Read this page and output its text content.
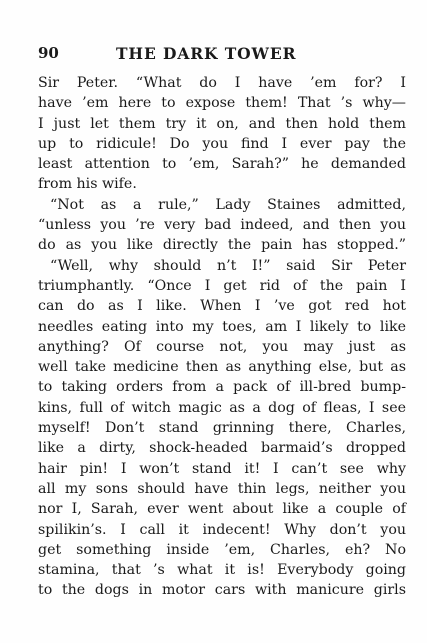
90	THE DARK TOWER
Sir Peter. “What do I have ’em for? I
have ’em here to expose them! That ’s why—
I just let them try it on, and then hold them
up to ridicule! Do you find I ever pay the
least attention to ’em, Sarah?” he demanded
from his wife.
“Not as a rule,” Lady Staines admitted,
“unless you ’re very bad indeed, and then you
do as you like directly the pain has stopped.”
“Well, why should n’t I!” said Sir Peter
triumphantly. “Once I get rid of the pain I
can do as I like. When I ’ve got red hot
needles eating into my toes, am I likely to like
anything? Of course not, you may just as
well take medicine then as anything else, but as
to taking orders from a pack of ill-bred bump-
kins, full of witch magic as a dog of fleas, I see
myself! Don’t stand grinning there, Charles,
like a dirty, shock-headed barmaid’s dropped
hair pin! I won’t stand it! I can’t see why
all my sons should have thin legs, neither you
nor I, Sarah, ever went about like a couple of
spilikin’s. I call it indecent! Why don’t you
get something inside ’em, Charles, eh? No
stamina, that ’s what it is! Everybody going
to the dogs in motor cars with manicure girls
